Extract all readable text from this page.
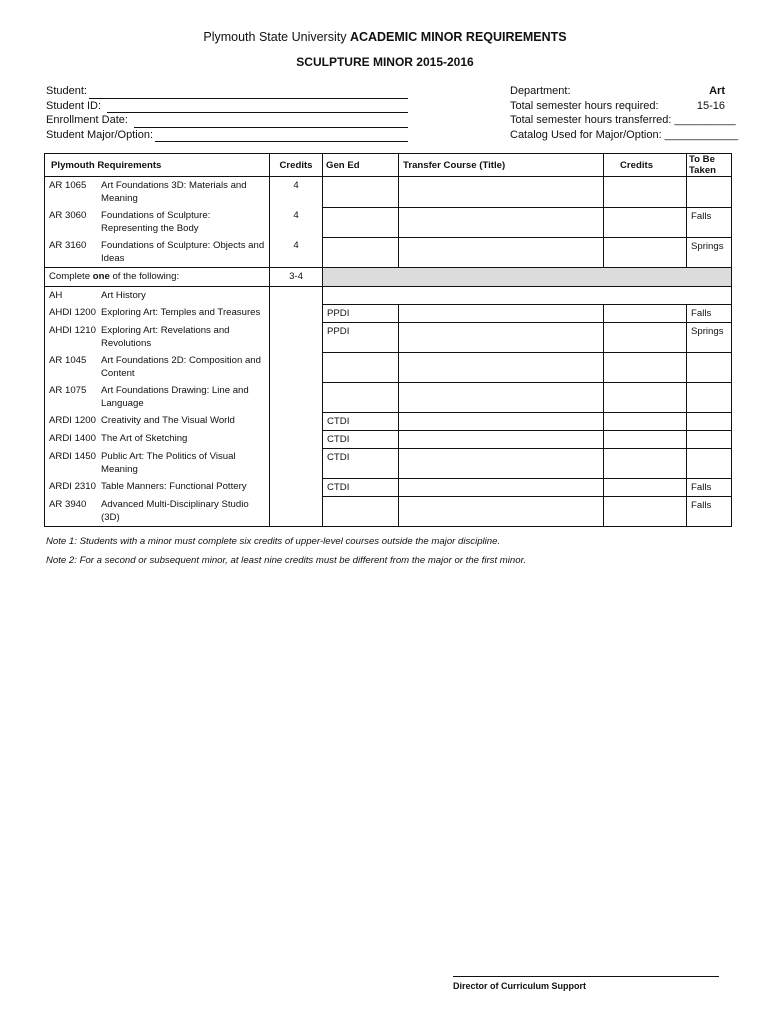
Plymouth State University ACADEMIC MINOR REQUIREMENTS
SCULPTURE MINOR 2015-2016
Student:
Student ID:
Enrollment Date:
Student Major/Option:
Department:	Art
Total semester hours required:	15-16
Total semester hours transferred: __________
Catalog Used for Major/Option: ____________
Plymouth Requirements	Credits	Gen Ed	Transfer Course (Title)	Credits	To Be Taken

AR 1065 Art Foundations 3D: Materials and Meaning	4				

AR 3060 Foundations of Sculpture: Representing the Body	4				Falls

AR 3160 Foundations of Sculpture: Objects and Ideas	4				Springs
Complete one of the following:	3-4				

AH Art History					

AHDI 1200 Exploring Art: Temples and Treasures		PPDI			Falls

AHDI 1210 Exploring Art: Revelations and Revolutions		PPDI			Springs

AR 1045 Art Foundations 2D: Composition and Content					

AR 1075 Art Foundations Drawing: Line and Language					

ARDI 1200 Creativity and The Visual World		CTDI			

ARDI 1400 The Art of Sketching		CTDI			

ARDI 1450 Public Art: The Politics of Visual Meaning		CTDI			

ARDI 2310 Table Manners: Functional Pottery		CTDI			Falls

AR 3940 Advanced Multi-Disciplinary Studio (3D)					Falls
Note 1: Students with a minor must complete six credits of upper-level courses outside the major discipline.
Note 2: For a second or subsequent minor, at least nine credits must be different from the major or the first minor.
Director of Curriculum Support
